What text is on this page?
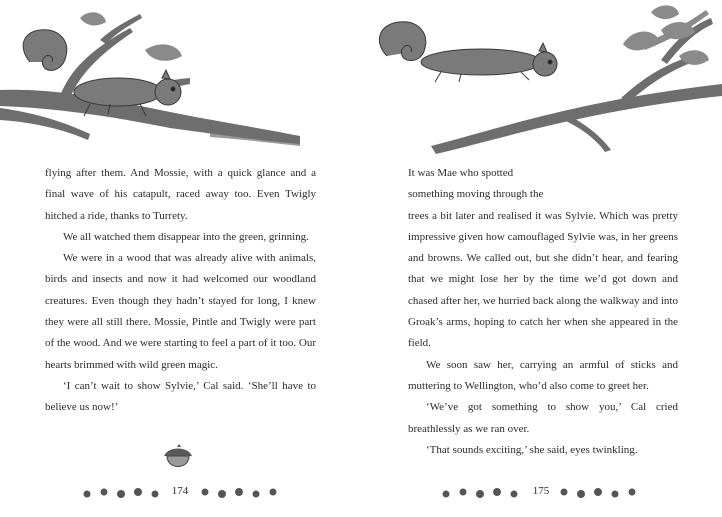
flying after them. And Mossie, with a quick glance and a final wave of his catapult, raced away too. Even Twigly hitched a ride, thanks to Turrety.

We all watched them disappear into the green, grinning.

We were in a wood that was already alive with animals, birds and insects and now it had welcomed our woodland creatures. Even though they hadn’t stayed for long, I knew they were all still there. Mossie, Pintle and Twigly were part of the wood. And we were starting to feel a part of it too. Our hearts brimmed with wild green magic.

‘I can’t wait to show Sylvie,’ Cal said. ‘She’ll have to believe us now!’

174

It was Mae who spotted

something moving through the

trees a bit later and realised it was Sylvie. Which was pretty impressive given how camouflaged Sylvie was, in her greens and browns. We called out, but she didn’t hear, and fearing that we might lose her by the time we’d got down and chased after her, we hurried back along the walkway and into Groak’s arms, hoping to catch her when she appeared in the field.

We soon saw her, carrying an armful of sticks and muttering to Wellington, who’d also come to greet her.

‘We’ve got something to show you,’ Cal cried breathlessly as we ran over.

‘That sounds exciting,’ she said, eyes twinkling.

175
